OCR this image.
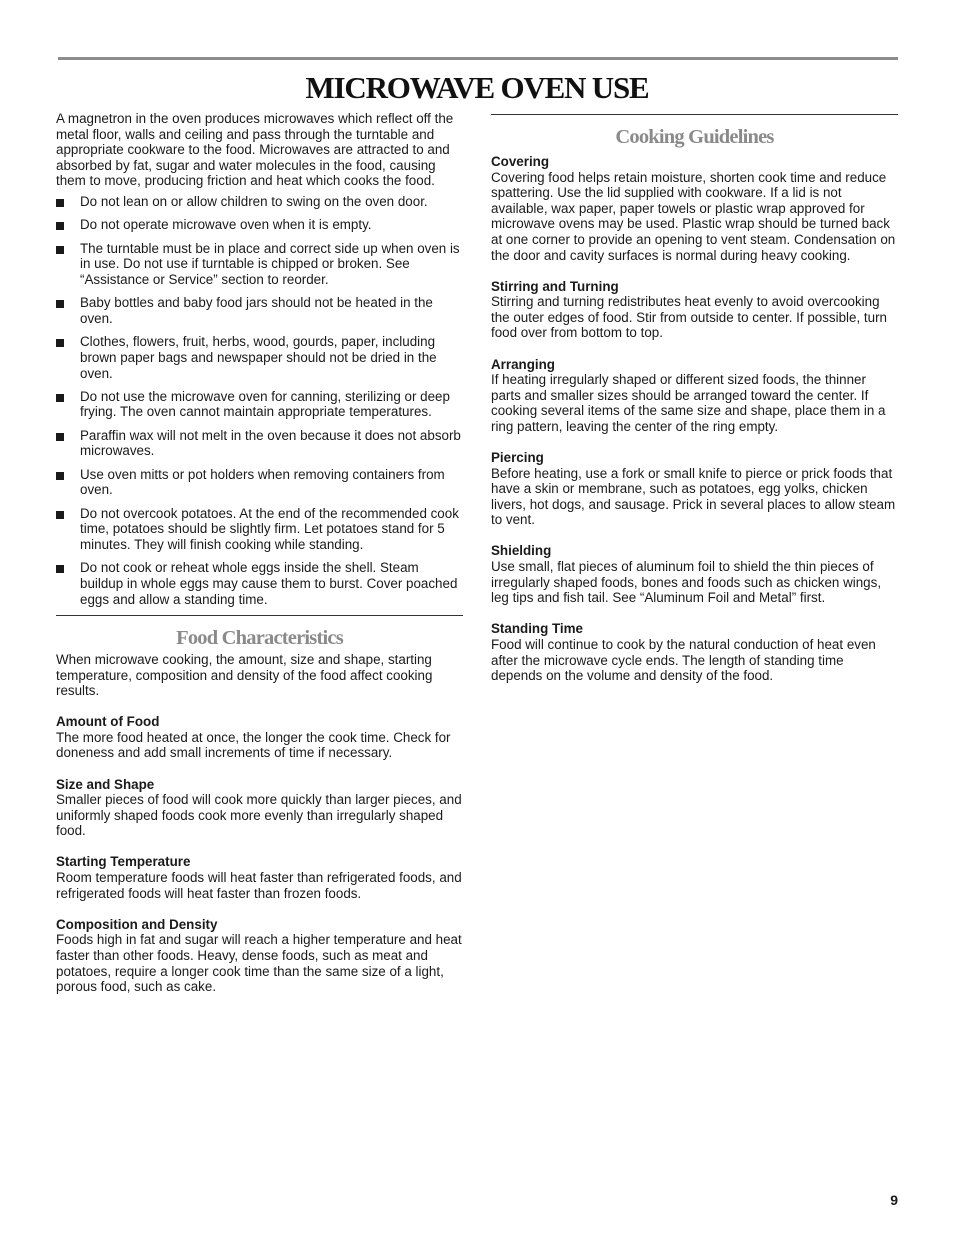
MICROWAVE OVEN USE

A magnetron in the oven produces microwaves which reflect off the metal floor, walls and ceiling and pass through the turntable and appropriate cookware to the food. Microwaves are attracted to and absorbed by fat, sugar and water molecules in the food, causing them to move, producing friction and heat which cooks the food.

Do not lean on or allow children to swing on the oven door.
Do not operate microwave oven when it is empty.
The turntable must be in place and correct side up when oven is in use. Do not use if turntable is chipped or broken. See “Assistance or Service” section to reorder.
Baby bottles and baby food jars should not be heated in the oven.
Clothes, flowers, fruit, herbs, wood, gourds, paper, including brown paper bags and newspaper should not be dried in the oven.
Do not use the microwave oven for canning, sterilizing or deep frying. The oven cannot maintain appropriate temperatures.
Paraffin wax will not melt in the oven because it does not absorb microwaves.
Use oven mitts or pot holders when removing containers from oven.
Do not overcook potatoes. At the end of the recommended cook time, potatoes should be slightly firm. Let potatoes stand for 5 minutes. They will finish cooking while standing.
Do not cook or reheat whole eggs inside the shell. Steam buildup in whole eggs may cause them to burst. Cover poached eggs and allow a standing time.
Food Characteristics

When microwave cooking, the amount, size and shape, starting temperature, composition and density of the food affect cooking results.

Amount of Food

The more food heated at once, the longer the cook time. Check for doneness and add small increments of time if necessary.

Size and Shape

Smaller pieces of food will cook more quickly than larger pieces, and uniformly shaped foods cook more evenly than irregularly shaped food.

Starting Temperature

Room temperature foods will heat faster than refrigerated foods, and refrigerated foods will heat faster than frozen foods.

Composition and Density

Foods high in fat and sugar will reach a higher temperature and heat faster than other foods. Heavy, dense foods, such as meat and potatoes, require a longer cook time than the same size of a light, porous food, such as cake.

Cooking Guidelines
Covering

Covering food helps retain moisture, shorten cook time and reduce spattering. Use the lid supplied with cookware. If a lid is not available, wax paper, paper towels or plastic wrap approved for microwave ovens may be used. Plastic wrap should be turned back at one corner to provide an opening to vent steam. Condensation on the door and cavity surfaces is normal during heavy cooking.

Stirring and Turning

Stirring and turning redistributes heat evenly to avoid overcooking the outer edges of food. Stir from outside to center. If possible, turn food over from bottom to top.

Arranging

If heating irregularly shaped or different sized foods, the thinner parts and smaller sizes should be arranged toward the center. If cooking several items of the same size and shape, place them in a ring pattern, leaving the center of the ring empty.

Piercing

Before heating, use a fork or small knife to pierce or prick foods that have a skin or membrane, such as potatoes, egg yolks, chicken livers, hot dogs, and sausage. Prick in several places to allow steam to vent.

Shielding

Use small, flat pieces of aluminum foil to shield the thin pieces of irregularly shaped foods, bones and foods such as chicken wings, leg tips and fish tail. See “Aluminum Foil and Metal” first.

Standing Time

Food will continue to cook by the natural conduction of heat even after the microwave cycle ends. The length of standing time depends on the volume and density of the food.

9
